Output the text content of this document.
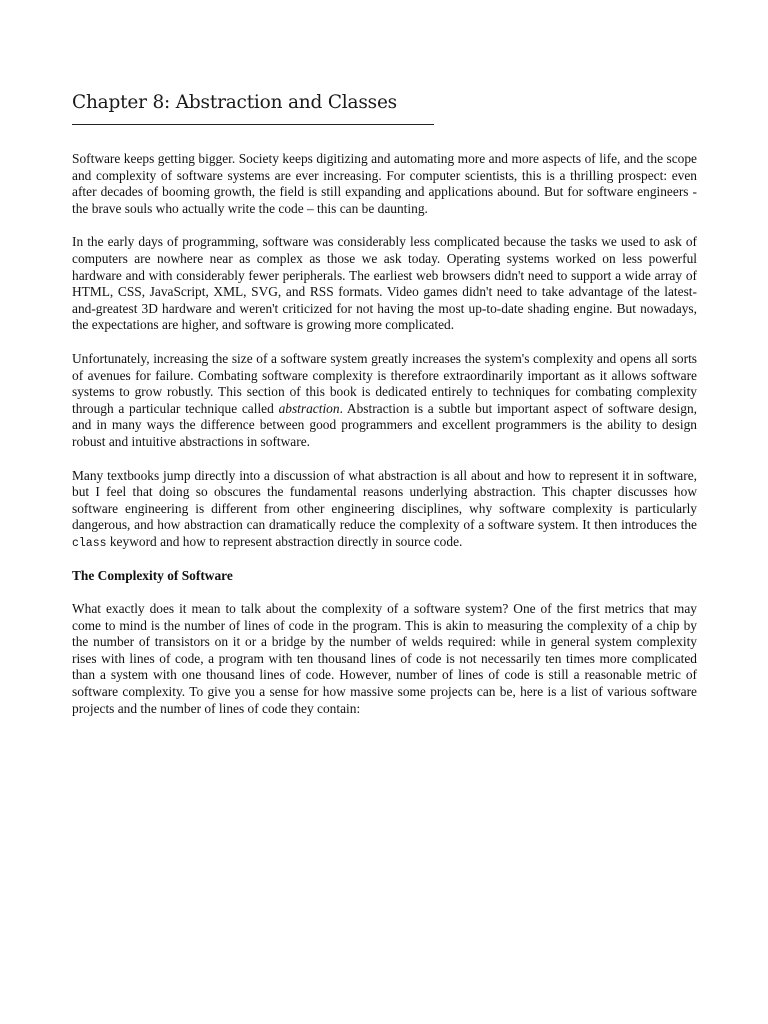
Chapter 8: Abstraction and Classes

Software keeps getting bigger. Society keeps digitizing and automating more and more aspects of life, and the scope and complexity of software systems are ever increasing. For computer scientists, this is a thrilling prospect: even after decades of booming growth, the field is still expanding and applications abound. But for software engineers - the brave souls who actually write the code – this can be daunting.

In the early days of programming, software was considerably less complicated because the tasks we used to ask of computers are nowhere near as complex as those we ask today. Operating systems worked on less powerful hardware and with considerably fewer peripherals. The earliest web browsers didn't need to support a wide array of HTML, CSS, JavaScript, XML, SVG, and RSS formats. Video games didn't need to take advantage of the latest-and-greatest 3D hardware and weren't criticized for not having the most up-to-date shading engine. But nowadays, the expectations are higher, and software is growing more complicated.

Unfortunately, increasing the size of a software system greatly increases the system's complexity and opens all sorts of avenues for failure. Combating software complexity is therefore extraordinarily important as it allows software systems to grow robustly. This section of this book is dedicated entirely to techniques for combating complexity through a particular technique called abstraction. Abstraction is a subtle but important aspect of software design, and in many ways the difference between good programmers and excellent programmers is the ability to design robust and intuitive abstractions in software.

Many textbooks jump directly into a discussion of what abstraction is all about and how to represent it in software, but I feel that doing so obscures the fundamental reasons underlying abstraction. This chapter discusses how software engineering is different from other engineering disciplines, why software complexity is particularly dangerous, and how abstraction can dramatically reduce the complexity of a software system. It then introduces the class keyword and how to represent abstraction directly in source code.

The Complexity of Software

What exactly does it mean to talk about the complexity of a software system? One of the first metrics that may come to mind is the number of lines of code in the program. This is akin to measuring the complexity of a chip by the number of transistors on it or a bridge by the number of welds required: while in general system complexity rises with lines of code, a program with ten thousand lines of code is not necessarily ten times more complicated than a system with one thousand lines of code. However, number of lines of code is still a reasonable metric of software complexity. To give you a sense for how massive some projects can be, here is a list of various software projects and the number of lines of code they contain:
